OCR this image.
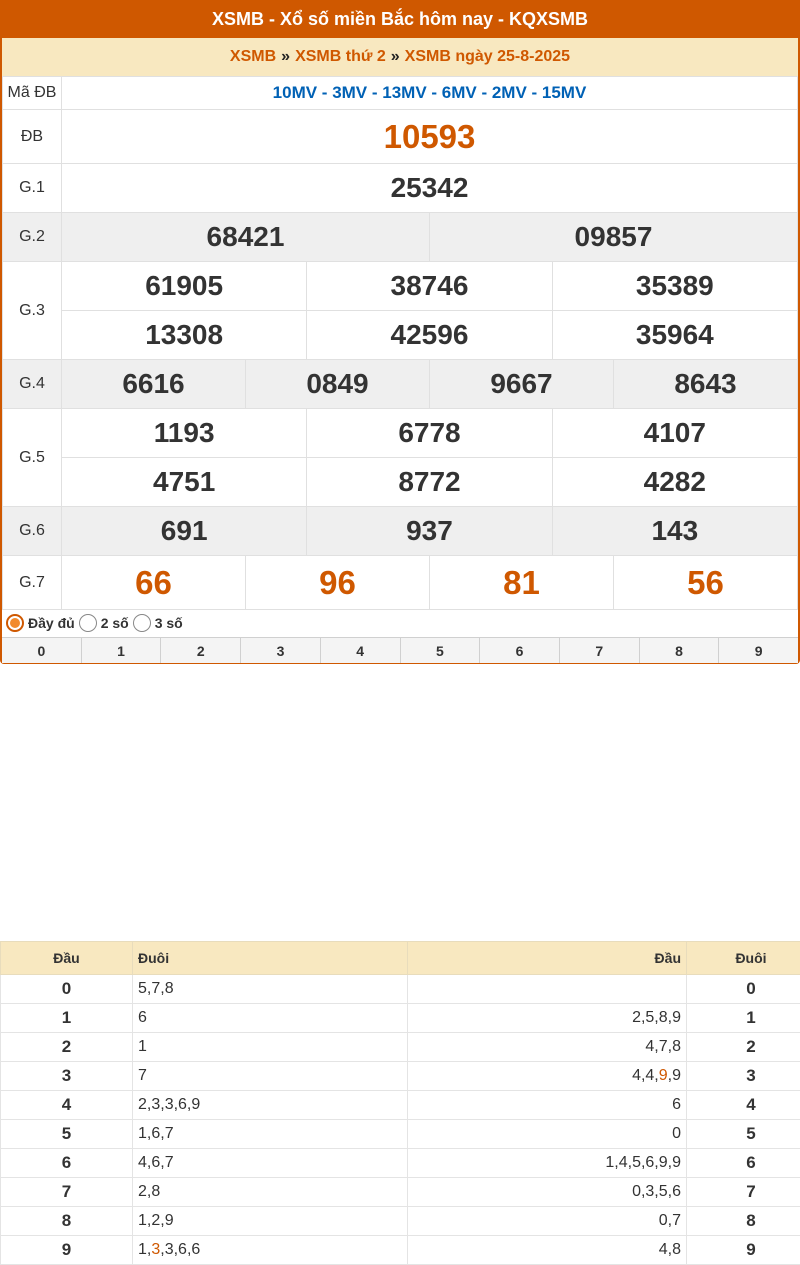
XSMB - Xổ số miền Bắc hôm nay - KQXSMB
XSMB » XSMB thứ 2 » XSMB ngày 25-8-2025
Mã ĐB	10MV - 3MV - 13MV - 6MV - 2MV - 15MV					
ĐB	10593					
G.1	25342					
G.2	68421			09857		
G.3	61905		38746		35389	
	13308		42596		35964	
G.4	6616	0849		9667		8643
G.5	1193		6778		4107	
	4751		8772		4282	
G.6	691		937		143	
G.7	66	96		81		56
Đầy đủ 2 số 3 số
0	1	2	3	4	5	6	7	8	9
Đầu	Đuôi	Đầu	Đuôi
0	5,7,8		0
1	6	2,5,8,9	1
2	1	4,7,8	2
3	7	4,4,9,9	3
4	2,3,3,6,9	6	4
5	1,6,7	0	5
6	4,6,7	1,4,5,6,9,9	6
7	2,8	0,3,5,6	7
8	1,2,9	0,7	8
9	1,3,3,6,6	4,8	9
